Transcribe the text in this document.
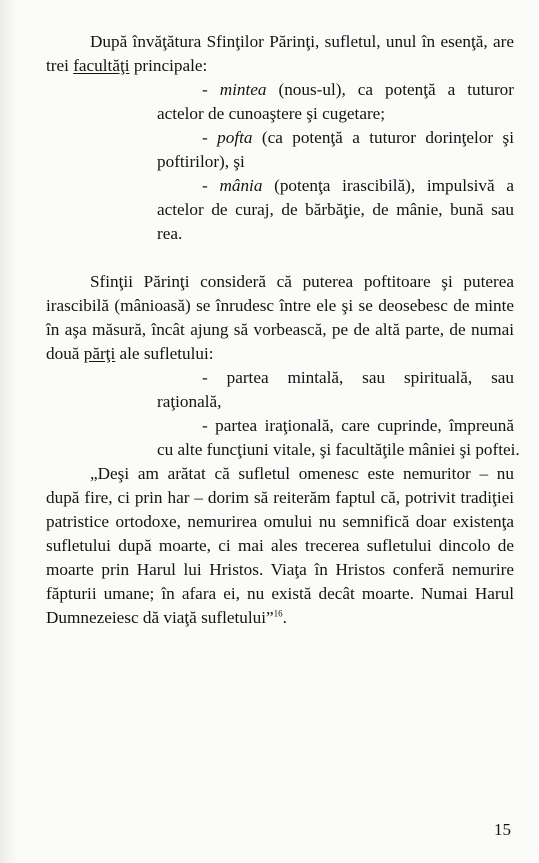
După învăţătura Sfinţilor Părinţi, sufletul, unul în esenţă, are
trei facultăţi principale:
- mintea (nous-ul), ca potenţă a tuturor
actelor de cunoaştere şi cugetare;
- pofta (ca potenţă a tuturor dorinţelor şi
poftirilor), şi
- mânia (potenţa irascibilă), impulsivă a
actelor de curaj, de bărbăţie, de mânie, bună sau
rea.
Sfinţii Părinţi consideră că puterea poftitoare şi puterea
irascibilă (mânioasă) se înrudesc între ele şi se deosebesc de minte
în aşa măsură, încât ajung să vorbească, pe de altă parte, de numai
două părţi ale sufletului:
- partea mintală, sau spirituală, sau
raţională,
- partea iraţională, care cuprinde, împreună
cu alte funcţiuni vitale, şi facultăţile mâniei şi poftei.
„Deşi am arătat că sufletul omenesc este nemuritor – nu
după fire, ci prin har – dorim să reiterăm faptul că, potrivit tradiţiei
patristice ortodoxe, nemurirea omului nu semnifică doar existenţa
sufletului după moarte, ci mai ales trecerea sufletului dincolo de
moarte prin Harul lui Hristos. Viaţa în Hristos conferă nemurire
făpturii umane; în afara ei, nu există decât moarte. Numai Harul
Dumnezeiesc dă viaţă sufletului”$^{16}$.
15
